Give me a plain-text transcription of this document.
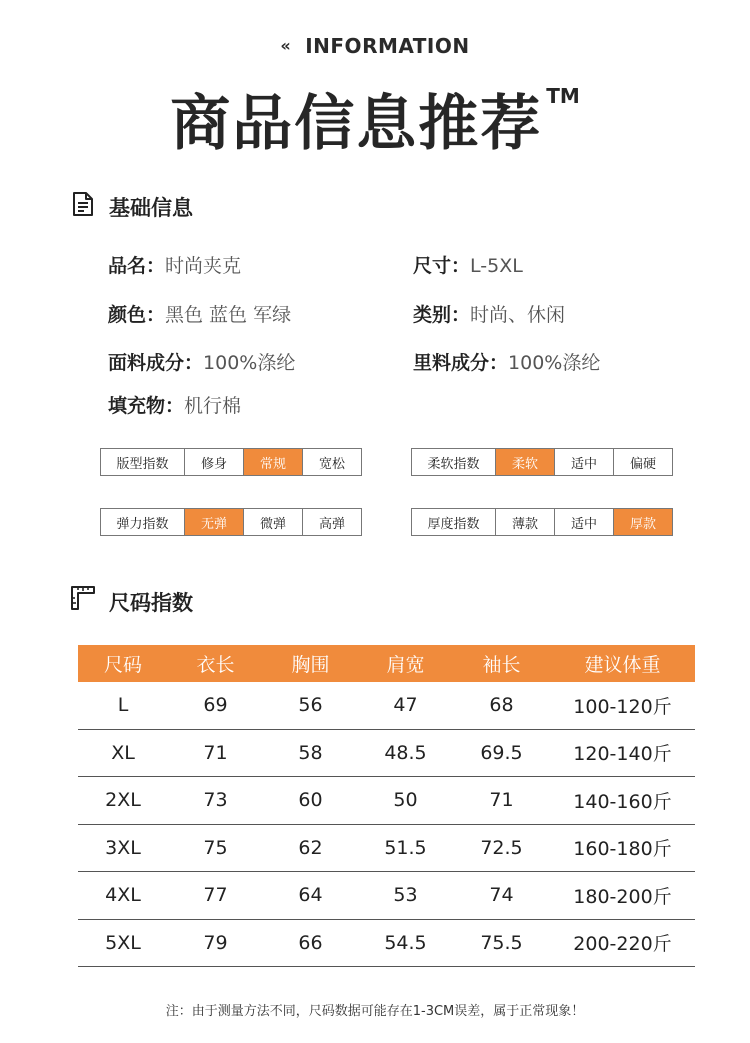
« INFORMATION
商品信息推荐 ™
基础信息
品名：时尚夹克	尺寸：L-5XL
颜色：黑色 蓝色 军绿	类别：时尚、休闲
面料成分：100%涤纶	里料成分：100%涤纶
填充物：机行棉
版型指数	修身	常规	宽松	柔软指数	柔软	适中	偏硬
弹力指数	无弹	微弹	高弹	厚度指数	薄款	适中	厚款
尺码指数
尺码	衣长	胸围	肩宽	袖长	建议体重
L	69	56	47	68	100-120斤
XL	71	58	48.5	69.5	120-140斤
2XL	73	60	50	71	140-160斤
3XL	75	62	51.5	72.5	160-180斤
4XL	77	64	53	74	180-200斤
5XL	79	66	54.5	75.5	200-220斤
注：由于测量方法不同，尺码数据可能存在1-3CM误差，属于正常现象！
